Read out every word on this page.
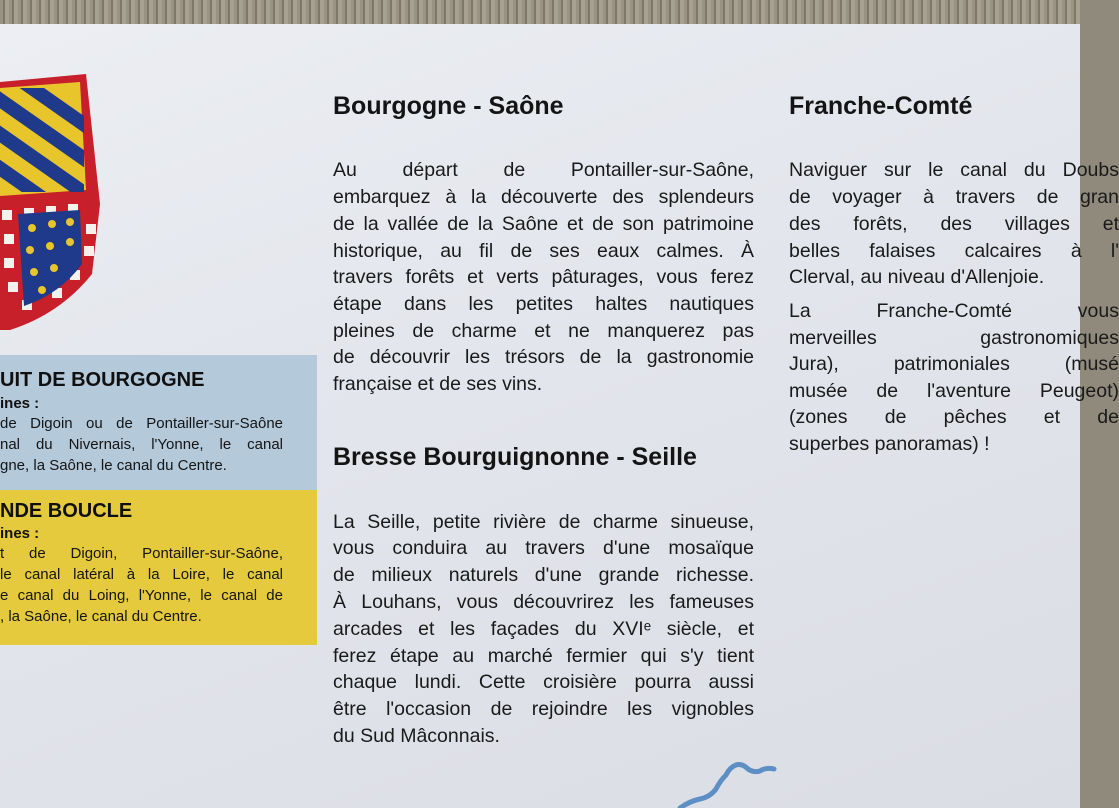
UIT DE BOURGOGNE
ines :
de Digoin ou de Pontailler-sur-Saône
nal du Nivernais, l'Yonne, le canal
gne, la Saône, le canal du Centre.
NDE BOUCLE
ines :
t de Digoin, Pontailler-sur-Saône,
le canal latéral à la Loire, le canal
e canal du Loing, l'Yonne, le canal de
, la Saône, le canal du Centre.
Bourgogne - Saône
Au départ de Pontailler-sur-Saône,
embarquez à la découverte des splendeurs
de la vallée de la Saône et de son patrimoine
historique, au fil de ses eaux calmes. À
travers forêts et verts pâturages, vous ferez
étape dans les petites haltes nautiques
pleines de charme et ne manquerez pas
de découvrir les trésors de la gastronomie
française et de ses vins.
Bresse Bourguignonne - Seille
La Seille, petite rivière de charme sinueuse,
vous conduira au travers d'une mosaïque
de milieux naturels d'une grande richesse.
À Louhans, vous découvrirez les fameuses
arcades et les façades du XVIᵉ siècle, et
ferez étape au marché fermier qui s'y tient
chaque lundi. Cette croisière pourra aussi
être l'occasion de rejoindre les vignobles
du Sud Mâconnais.
Franche-Comté
Naviguer sur le canal du Doubs
de voyager à travers de gran
des forêts, des villages et
belles falaises calcaires à l'
Clerval, au niveau d'Allenjoie.
La Franche-Comté vous
merveilles gastronomiques
Jura), patrimoniales (musé
musée de l'aventure Peugeot)
(zones de pêches et de
superbes panoramas) !
